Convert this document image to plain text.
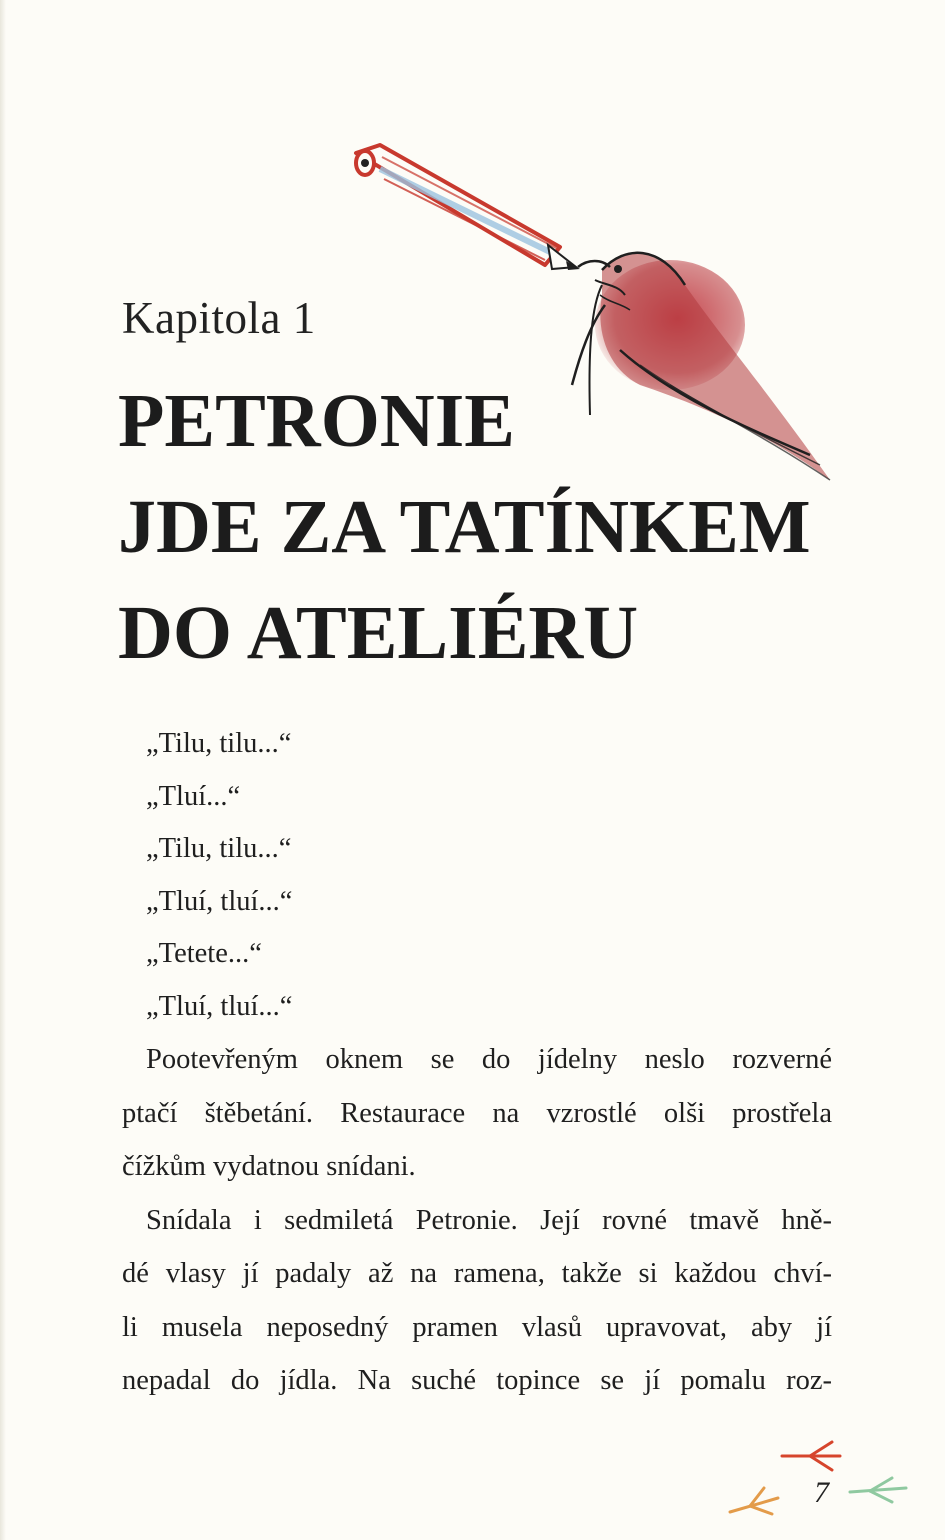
Kapitola 1
PETRONIE
JDE ZA TATÍNKEM
DO ATELIÉRU

„Tilu, tilu...“

„Tluí...“

„Tilu, tilu...“

„Tluí, tluí...“

„Tetete...“

„Tluí, tluí...“

Pootevřeným oknem se do jídelny neslo rozverné

ptačí štěbetání. Restaurace na vzrostlé olši prostřela

čížkům vydatnou snídani.

Snídala i sedmiletá Petronie. Její rovné tmavě hně-

dé vlasy jí padaly až na ramena, takže si každou chví-

li musela neposedný pramen vlasů upravovat, aby jí

nepadal do jídla. Na suché topince se jí pomalu roz-

7
